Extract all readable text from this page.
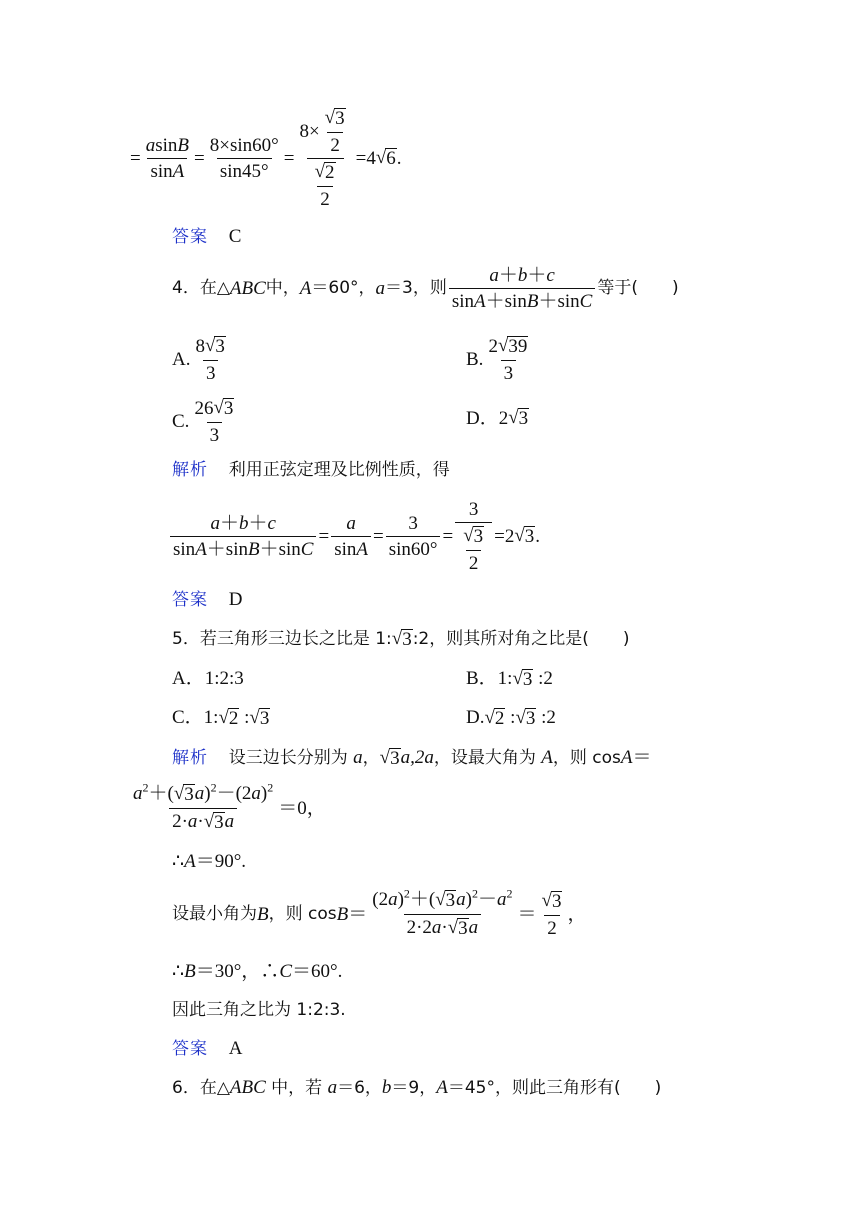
= $\frac{asinB}{\sin A} = \frac{8\times\sin 60^\circ}{\sin 45^\circ} = \frac{8\times \frac{√ 3}{2}}{\frac{√ 2}{2}} =4$ √ 6 .
答案 C
4．在△ ABC 中， A ＝60°， a ＝3，则 $\frac{a+b+c}{\sin A+\sin B+\sin C}$ 等于(　　)
A. $\frac{8 √ 3}{3}$	B. $\frac{2 √ 39}{3}$
C. $\frac{26 √ 3}{3}$	D．2 √ 3
解析 利用正弦定理及比例性质，得
$\frac{a+b+c}{\sin A+\sin B+\sin C} = \frac{a}{\sin A} = \frac{3}{\sin 60^\circ} = \frac{3}{\frac{√ 3}{2}} =2$ √ 3 .
答案 D
5．若三角形三边长之比是 1: √ 3 :2，则其所对角之比是(　　)
A．1:2:3	B．1: √ 3 :2
C．1: √ 2 : √ 3	D. √ 2 : √ 3 :2
解析 设三边长分别为 a， √ 3 a,2a，设最大角为 A，则 cosA＝
$\frac{a^2+( √ 3 a)^2-(2a)^2}{2\cdot a\cdot √ 3 a} =0$，
∴A＝90°.
设最小角为 B ，则 $\cos B = \frac{(2a)^2+( √ 3 a)^2-a^2}{2\cdot 2a\cdot √ 3 a} = \frac{√ 3}{2}$ ，
∴B＝30°，∴C＝60°.
因此三角之比为 1:2:3.
答案 A
6．在△ABC 中，若 a＝6，b＝9，A＝45°，则此三角形有(　　)
